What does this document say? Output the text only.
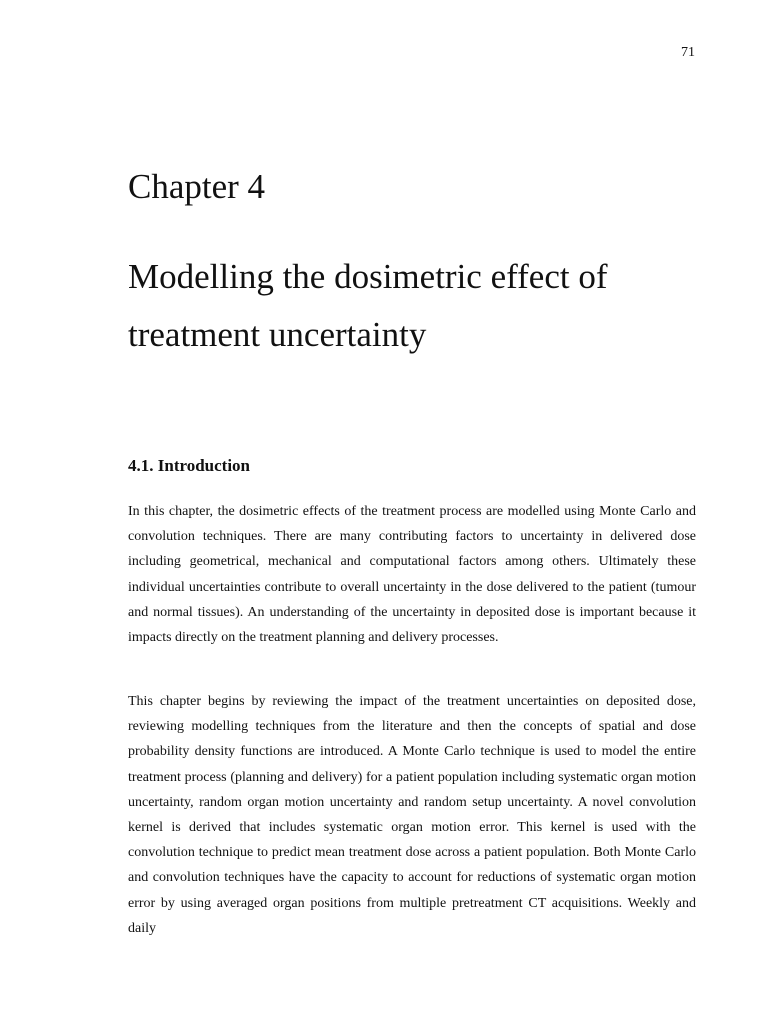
71
Chapter 4
Modelling the dosimetric effect of treatment uncertainty
4.1. Introduction

In this chapter, the dosimetric effects of the treatment process are modelled using Monte Carlo and convolution techniques. There are many contributing factors to uncertainty in delivered dose including geometrical, mechanical and computational factors among others. Ultimately these individual uncertainties contribute to overall uncertainty in the dose delivered to the patient (tumour and normal tissues). An understanding of the uncertainty in deposited dose is important because it impacts directly on the treatment planning and delivery processes.

This chapter begins by reviewing the impact of the treatment uncertainties on deposited dose, reviewing modelling techniques from the literature and then the concepts of spatial and dose probability density functions are introduced. A Monte Carlo technique is used to model the entire treatment process (planning and delivery) for a patient population including systematic organ motion uncertainty, random organ motion uncertainty and random setup uncertainty. A novel convolution kernel is derived that includes systematic organ motion error. This kernel is used with the convolution technique to predict mean treatment dose across a patient population. Both Monte Carlo and convolution techniques have the capacity to account for reductions of systematic organ motion error by using averaged organ positions from multiple pretreatment CT acquisitions. Weekly and daily
